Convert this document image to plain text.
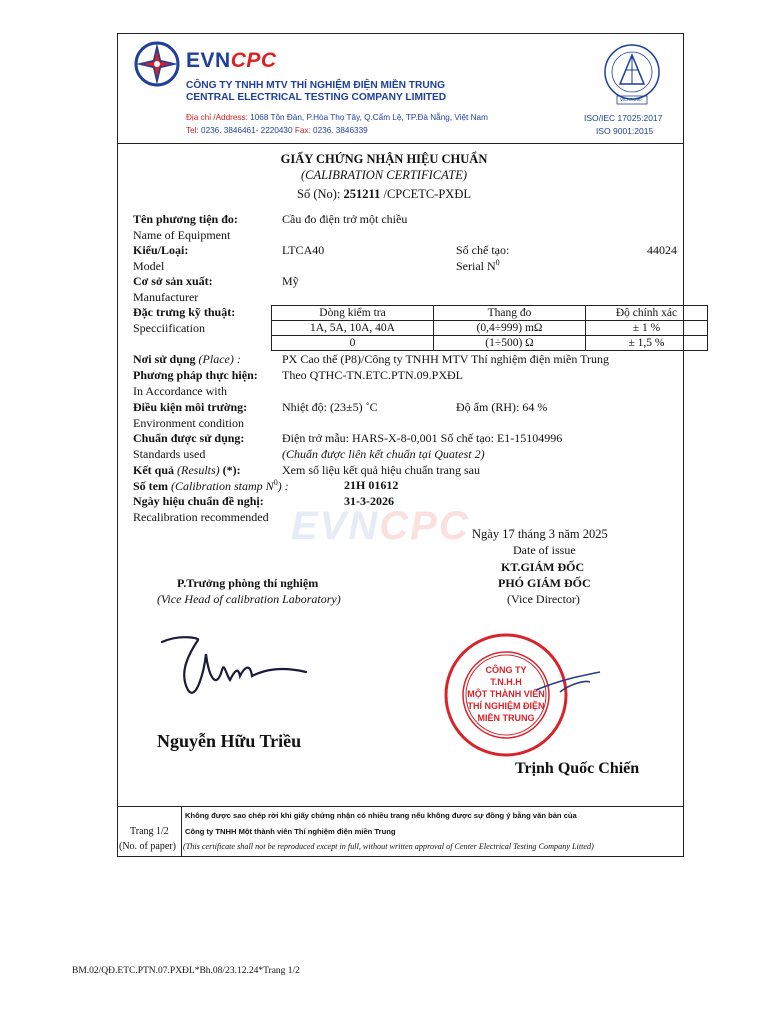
EVNCPC
CÔNG TY TNHH MTV THÍ NGHIỆM ĐIỆN MIỀN TRUNG
CENTRAL ELECTRICAL TESTING COMPANY LIMITED
Địa chỉ /Address: 1068 Tôn Đản, P.Hòa Thọ Tây, Q.Cẩm Lệ, TP.Đà Nẵng, Việt Nam
Tel: 0236. 3846461- 2220430 Fax: 0236. 3846339
VILAS 290
ISO/IEC 17025:2017
ISO 9001:2015
GIẤY CHỨNG NHẬN HIỆU CHUẨN
(CALIBRATION CERTIFICATE)
Số (No): 251211 /CPCETC-PXĐL
Tên phương tiện đo:
Name of Equipment
Cầu đo điện trở một chiều
Kiểu/Loại:
Model
LTCA40	Số chế tạo:
Serial $N^0$
44024
Cơ sở sản xuất:
Manufacturer
Mỹ
Đặc trưng kỹ thuật:
Specciification
Dòng kiểm tra	Thang đo	Độ chính xác
1A, 5A, 10A, 40A	(0,4÷999) mΩ	± 1 %
0	(1÷500) Ω	± 1,5 %
Nơi sử dụng (Place) :	PX Cao thế (P8)/Công ty TNHH MTV Thí nghiệm điện miền Trung
Phương pháp thực hiện:
In Accordance with
Theo QTHC-TN.ETC.PTN.09.PXĐL
Điều kiện môi trường:
Environment condition
Nhiệt độ: (23±5) ˚C	Độ ẩm (RH): 64 %
Chuẩn được sử dụng:
Standards used
Điện trở mẫu: HARS-X-8-0,001 Số chế tạo: E1-15104996
(Chuẩn được liên kết chuẩn tại Quatest 2)
Kết quả (Results) (*):	Xem số liệu kết quả hiệu chuẩn trang sau
Số tem (Calibration stamp $N^0$) :	21H 01612
Ngày hiệu chuẩn đề nghị:
Recalibration recommended
31-3-2026
EVNCPC Ngày 17 tháng 3 năm 2025
Date of issue
KT.GIÁM ĐỐC
PHÓ GIÁM ĐỐC
(Vice Director)
P.Trưởng phòng thí nghiệm
(Vice Head of calibration Laboratory)
Nguyễn Hữu Triều
CÔNG TY
T.N.H.H
MỘT THÀNH VIÊN
THÍ NGHIỆM ĐIỆN
MIỀN TRUNG
Trịnh Quốc Chiến
Trang 1/2
(No. of paper)
Không được sao chép rời khi giấy chứng nhận có nhiều trang nếu không được sự đồng ý bằng văn bản của
Công ty TNHH Một thành viên Thí nghiệm điện miền Trung
(This certificate shall not be reproduced except in full, without written approval of Center Electrical Testing Company Litted)
BM.02/QĐ.ETC.PTN.07.PXĐL*Bh.08/23.12.24*Trang 1/2
